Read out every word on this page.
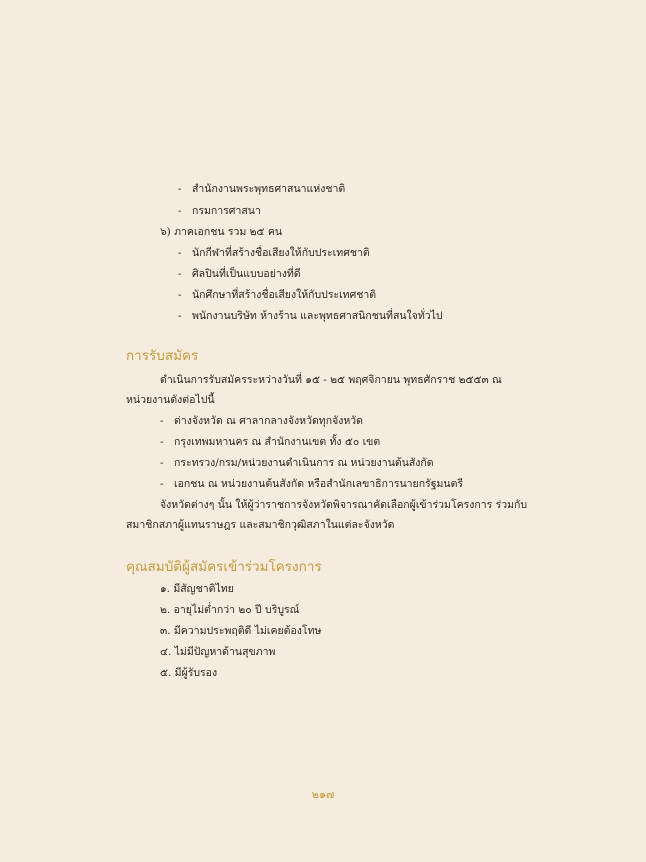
- สำนักงานพระพุทธศาสนาแห่งชาติ
- กรมการศาสนา
๖) ภาคเอกชน รวม ๒๕ คน
- นักกีฬาที่สร้างชื่อเสียงให้กับประเทศชาติ
- ศิลปินที่เป็นแบบอย่างที่ดี
- นักศึกษาที่สร้างชื่อเสียงให้กับประเทศชาติ
- พนักงานบริษัท ห้างร้าน และพุทธศาสนิกชนที่สนใจทั่วไป
การรับสมัคร
ดำเนินการรับสมัครระหว่างวันที่ ๑๕ - ๒๕ พฤศจิกายน พุทธศักราช ๒๕๕๓ ณ
หน่วยงานดังต่อไปนี้
- ต่างจังหวัด ณ ศาลากลางจังหวัดทุกจังหวัด
- กรุงเทพมหานคร ณ สำนักงานเขต ทั้ง ๕๐ เขต
- กระทรวง/กรม/หน่วยงานดำเนินการ ณ หน่วยงานต้นสังกัด
- เอกชน ณ หน่วยงานต้นสังกัด หรือสำนักเลขาธิการนายกรัฐมนตรี
จังหวัดต่างๆ นั้น ให้ผู้ว่าราชการจังหวัดพิจารณาคัดเลือกผู้เข้าร่วมโครงการ ร่วมกับ
สมาชิกสภาผู้แทนราษฎร และสมาชิกวุฒิสภาในแต่ละจังหวัด
คุณสมบัติผู้สมัครเข้าร่วมโครงการ
๑. มีสัญชาติไทย
๒. อายุไม่ต่ำกว่า ๒๐ ปี บริบูรณ์
๓. มีความประพฤติดี ไม่เคยต้องโทษ
๔. ไม่มีปัญหาด้านสุขภาพ
๕. มีผู้รับรอง
๒๑๗
